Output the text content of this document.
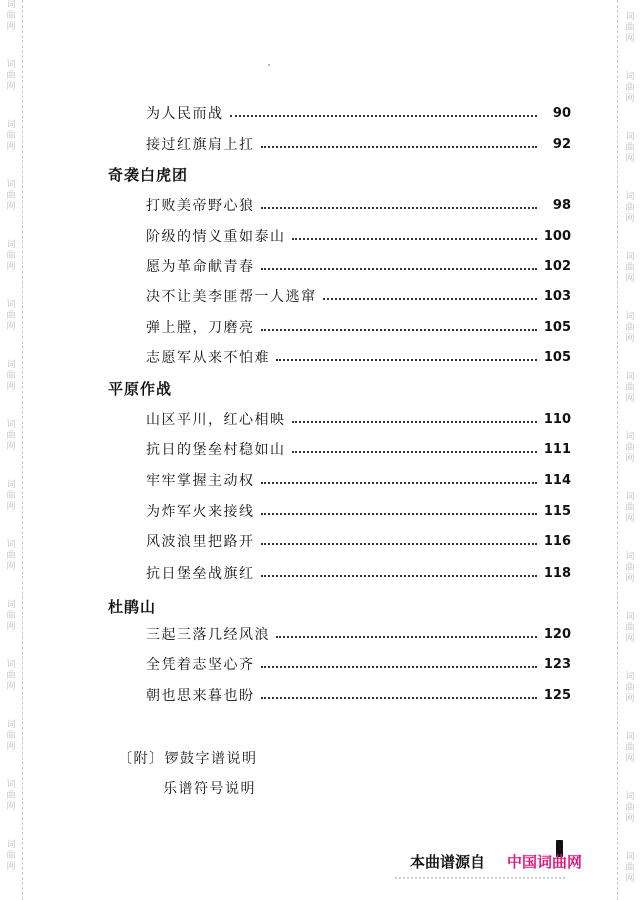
词
曲
网
词
曲
网
词
曲
网
词
曲
网
词
曲
网
词
曲
网
词
曲
网
词
曲
网
词
曲
网
词
曲
网
词
曲
网
词
曲
网
词
曲
网
词
曲
网
词
曲
网
词
曲
网
词
曲
网
词
曲
网
词
曲
网
词
曲
网
词
曲
网
词
曲
网
词
曲
网
词
曲
网
词
曲
网
词
曲
网
词
曲
网
词
曲
网
词
曲
网
词
曲
网
为人民而战	90
接过红旗肩上扛	92
奇袭白虎团
打败美帝野心狼	98
阶级的情义重如泰山	100
愿为革命献青春	102
决不让美李匪帮一人逃窜	103
弹上膛，刀磨亮	105
志愿军从来不怕难	105
平原作战
山区平川，红心相映	110
抗日的堡垒村稳如山	111
牢牢掌握主动权	114
为炸军火来接线	115
风波浪里把路开	116
抗日堡垒战旗红	118
杜鹃山
三起三落几经风浪	120
全凭着志坚心齐	123
朝也思来暮也盼	125
〔附〕锣鼓字谱说明
乐谱符号说明
本曲谱源自 中国词曲网
